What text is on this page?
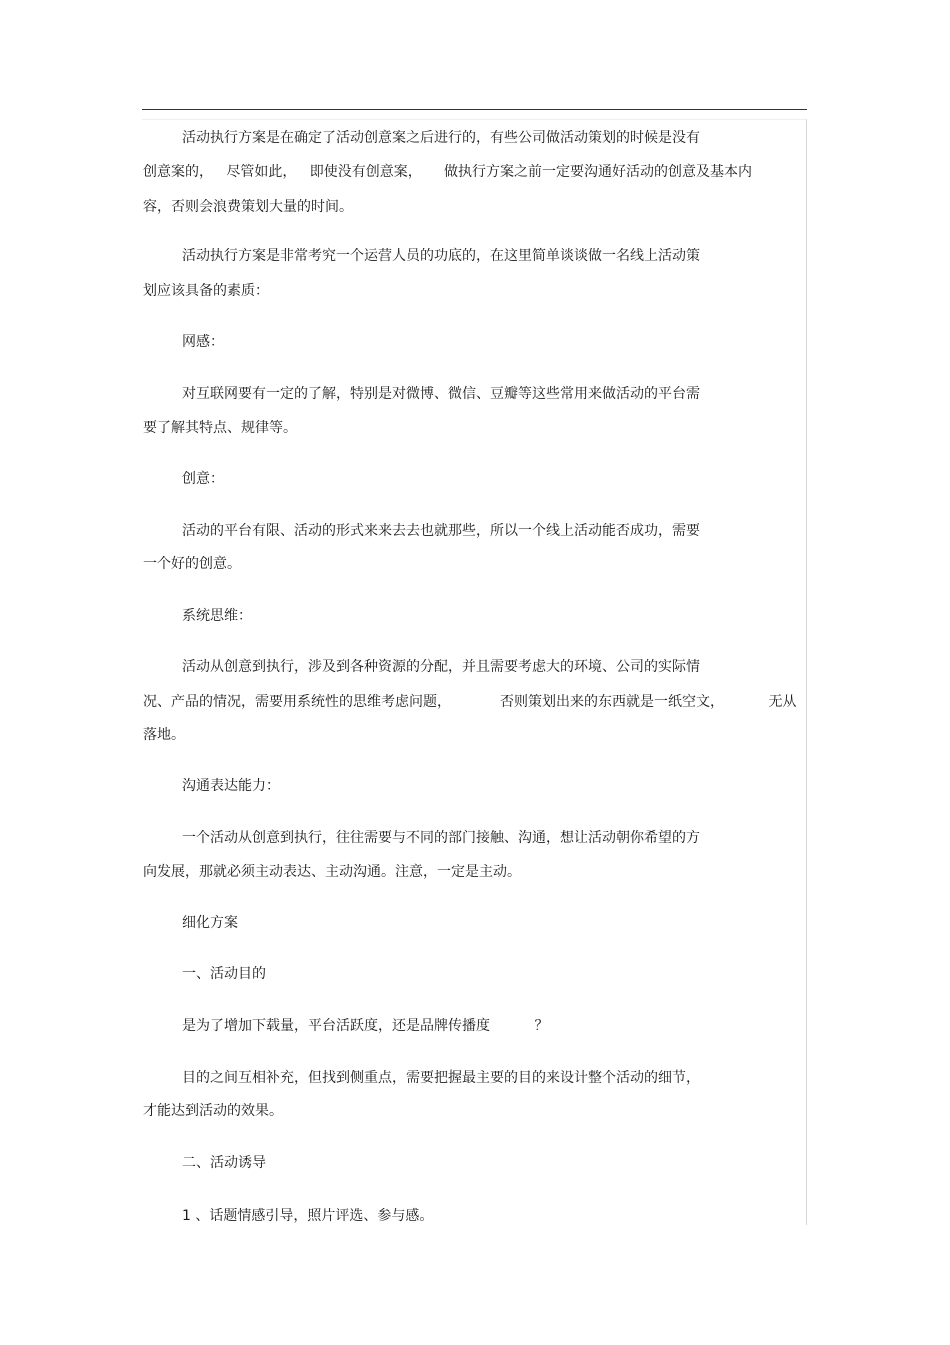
活动执行方案是在确定了活动创意案之后进行的，有些公司做活动策划的时候是没有
创意案的，   尽管如此，   即使没有创意案，     做执行方案之前一定要沟通好活动的创意及基本内
容，否则会浪费策划大量的时间。
活动执行方案是非常考究一个运营人员的功底的，在这里简单谈谈做一名线上活动策
划应该具备的素质：
网感：
对互联网要有一定的了解，特别是对微博、微信、豆瓣等这些常用来做活动的平台需
要了解其特点、规律等。
创意：
活动的平台有限、活动的形式来来去去也就那些，所以一个线上活动能否成功，需要
一个好的创意。
系统思维：
活动从创意到执行，涉及到各种资源的分配，并且需要考虑大的环境、公司的实际情
况、产品的情况，需要用系统性的思维考虑问题，           否则策划出来的东西就是一纸空文，          无从
落地。
沟通表达能力：
一个活动从创意到执行，往往需要与不同的部门接触、沟通，想让活动朝你希望的方
向发展，那就必须主动表达、主动沟通。注意，一定是主动。
细化方案
一、活动目的
是为了增加下载量，平台活跃度，还是品牌传播度          ？
目的之间互相补充，但找到侧重点，需要把握最主要的目的来设计整个活动的细节，
才能达到活动的效果。
二、活动诱导
1 、话题情感引导，照片评选、参与感。
